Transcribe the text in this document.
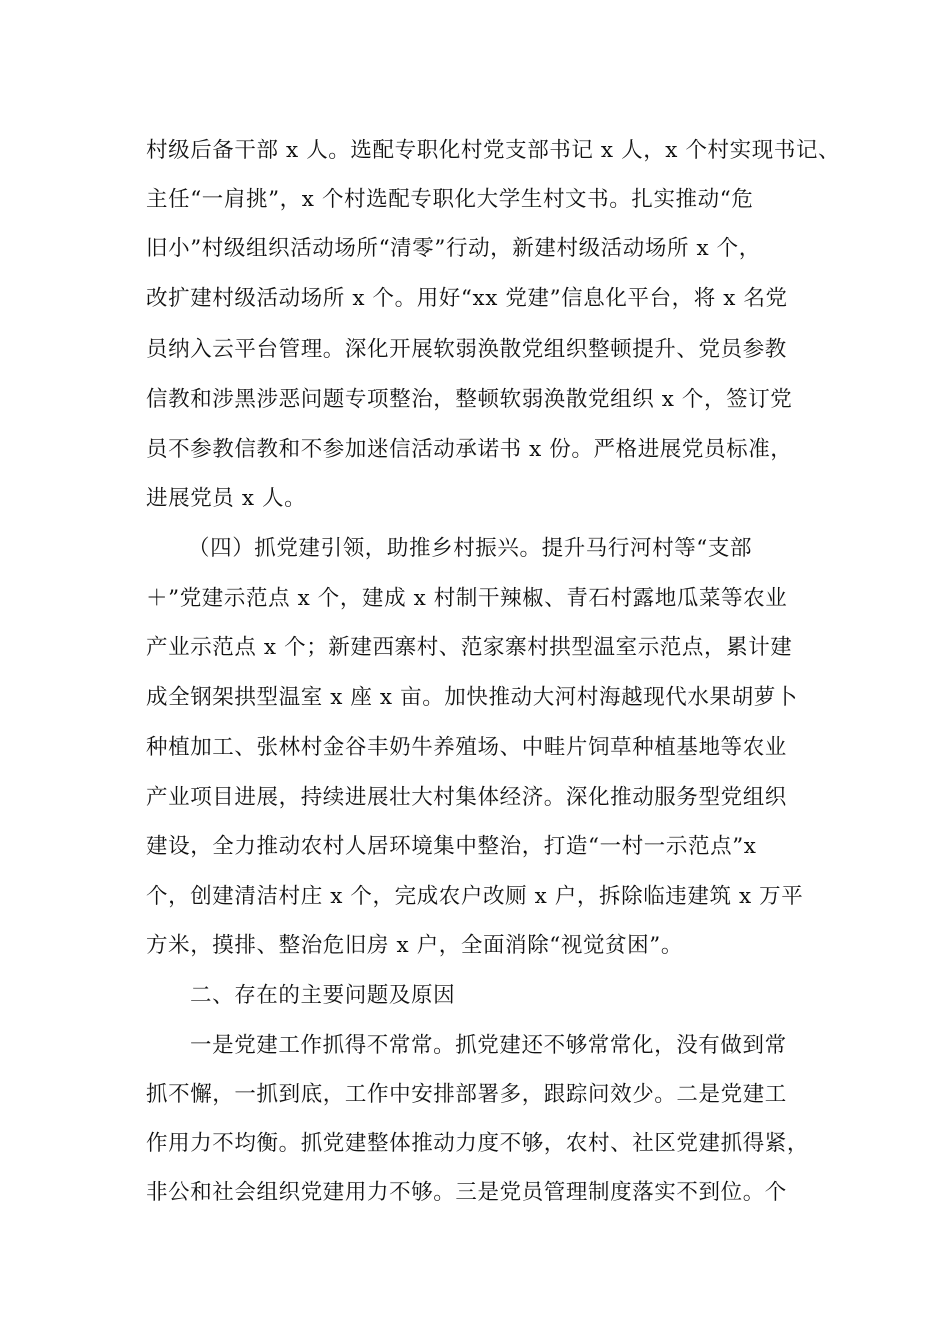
村级后备干部 x 人。选配专职化村党支部书记 x 人，x 个村实现书记、
主任“一肩挑”，x 个村选配专职化大学生村文书。扎实推动“危
旧小”村级组织活动场所“清零”行动，新建村级活动场所 x 个，
改扩建村级活动场所 x 个。用好“xx 党建”信息化平台，将 x 名党
员纳入云平台管理。深化开展软弱涣散党组织整顿提升、党员参教
信教和涉黑涉恶问题专项整治，整顿软弱涣散党组织 x 个，签订党
员不参教信教和不参加迷信活动承诺书 x 份。严格进展党员标准，
进展党员 x 人。
（四）抓党建引领，助推乡村振兴。提升马行河村等“支部
＋”党建示范点 x 个，建成 x 村制干辣椒、青石村露地瓜菜等农业
产业示范点 x 个；新建西寨村、范家寨村拱型温室示范点，累计建
成全钢架拱型温室 x 座 x 亩。加快推动大河村海越现代水果胡萝卜
种植加工、张林村金谷丰奶牛养殖场、中畦片饲草种植基地等农业
产业项目进展，持续进展壮大村集体经济。深化推动服务型党组织
建设，全力推动农村人居环境集中整治，打造“一村一示范点”x
个，创建清洁村庄 x 个，完成农户改厕 x 户，拆除临违建筑 x 万平
方米，摸排、整治危旧房 x 户，全面消除“视觉贫困”。
二、存在的主要问题及原因
一是党建工作抓得不常常。抓党建还不够常常化，没有做到常
抓不懈，一抓到底，工作中安排部署多，跟踪问效少。二是党建工
作用力不均衡。抓党建整体推动力度不够，农村、社区党建抓得紧，
非公和社会组织党建用力不够。三是党员管理制度落实不到位。个
